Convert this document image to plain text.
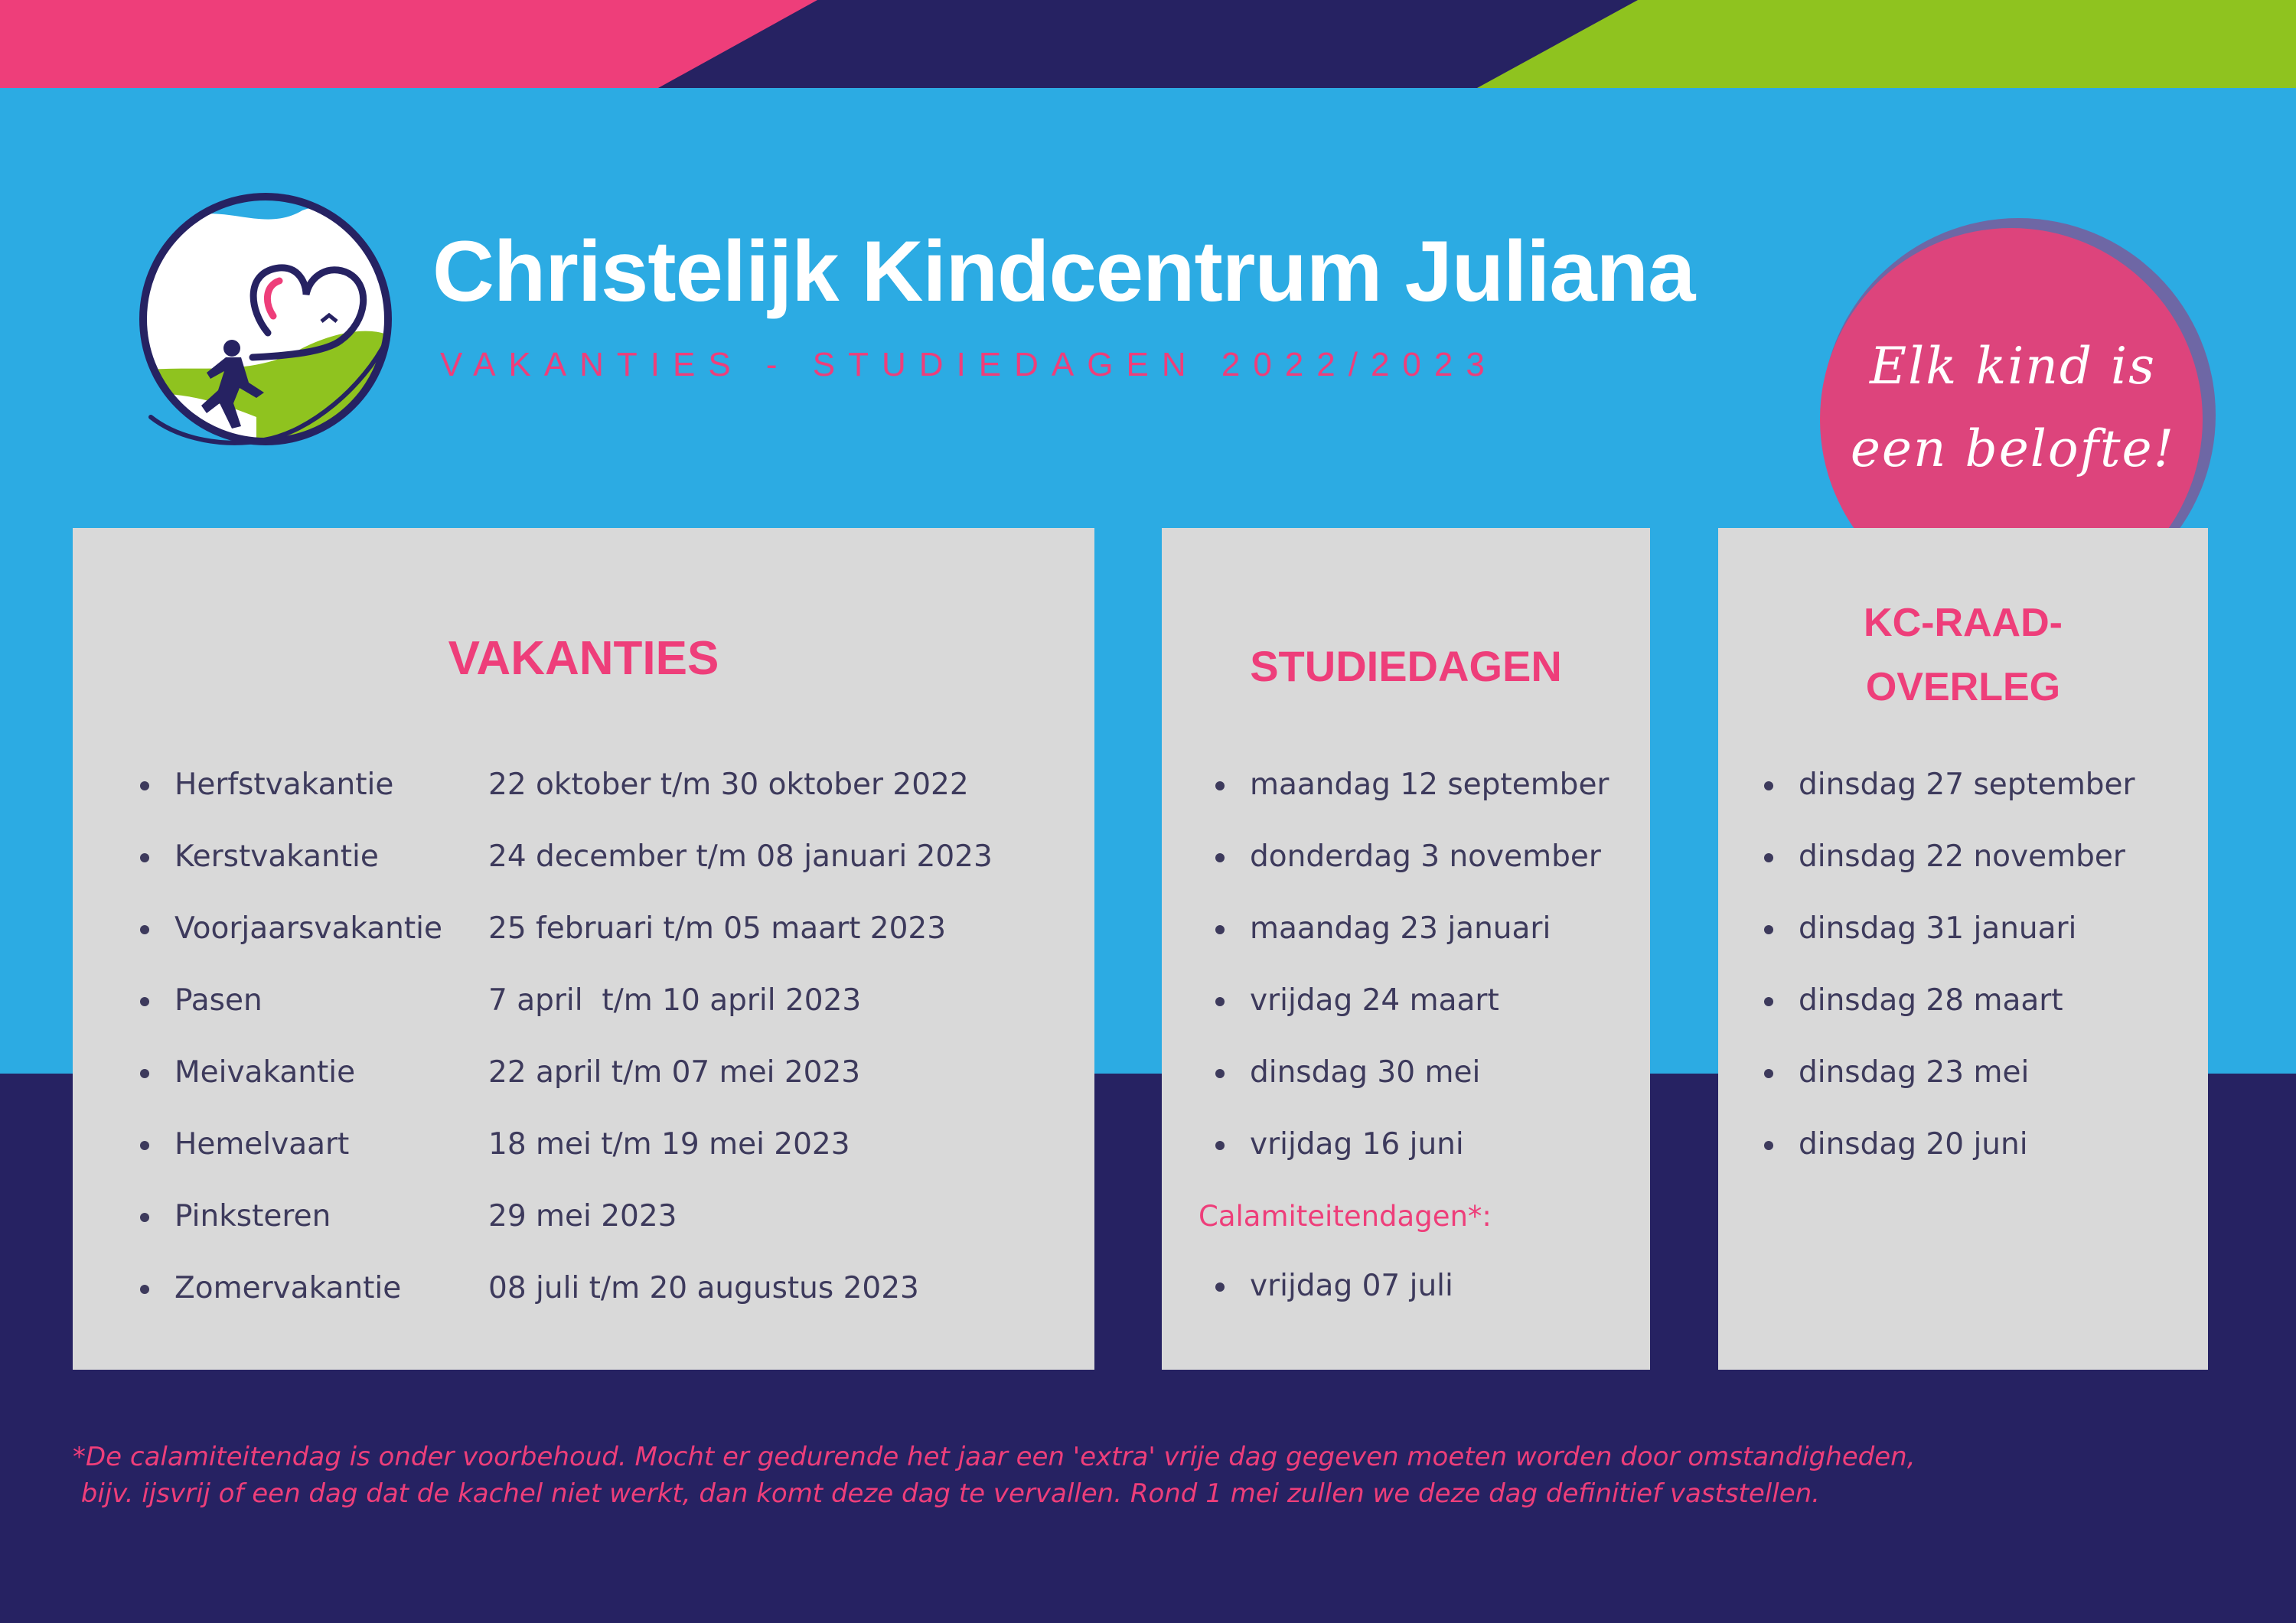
Christelijk Kindcentrum Juliana
VAKANTIES - STUDIEDAGEN 2022/2023	Elk kind is
een belofte!
VAKANTIES
Herfstvakantie	22 oktober t/m 30 oktober 2022
Kerstvakantie	24 december t/m 08 januari 2023
Voorjaarsvakantie 25 februari t/m 05 maart 2023
Pasen	7 april  t/m 10 april 2023
Meivakantie	22 april t/m 07 mei 2023
Hemelvaart	18 mei t/m 19 mei 2023
Pinksteren	29 mei 2023
Zomervakantie	08 juli t/m 20 augustus 2023
STUDIEDAGEN
maandag 12 september
donderdag 3 november
maandag 23 januari
vrijdag 24 maart
dinsdag 30 mei
vrijdag 16 juni
Calamiteitendagen*:
vrijdag 07 juli
KC-RAAD-
OVERLEG
dinsdag 27 september
dinsdag 22 november
dinsdag 31 januari
dinsdag 28 maart
dinsdag 23 mei
dinsdag 20 juni
*De calamiteitendag is onder voorbehoud. Mocht er gedurende het jaar een 'extra' vrije dag gegeven moeten worden door omstandigheden,
bijv. ijsvrij of een dag dat de kachel niet werkt, dan komt deze dag te vervallen. Rond 1 mei zullen we deze dag definitief vaststellen.
